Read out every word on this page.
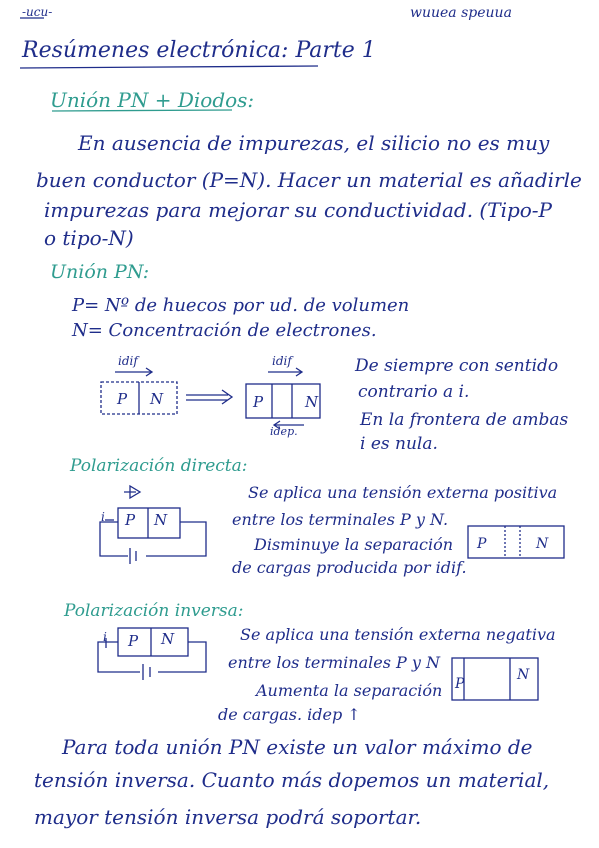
-ucu-	wuuea speuua
Resúmenes electrónica: Parte 1
Unión PN + Diodos:
En ausencia de impurezas, el silicio no es muy
buen conductor (P=N). Hacer un material es añadirle
impurezas para mejorar su conductividad. (Tipo-P
o tipo-N)
Unión PN:
P= Nº de huecos por ud. de volumen
N= Concentración de electrones.
idif	idif
idep.
P N	P	N
De siempre con sentido
contrario a i.
En la frontera de ambas
i es nula.
Polarización directa:
Se aplica una tensión externa positiva
entre los terminales P y N.
Disminuye la separación
de cargas producida por idif.
i P N
P	N
Polarización inversa:
Se aplica una tensión externa negativa
entre los terminales P y N
Aumenta la separación
de cargas. idep ↑
i P N
P
N
Para toda unión PN existe un valor máximo de
tensión inversa. Cuanto más dopemos un material,
mayor tensión inversa podrá soportar.
